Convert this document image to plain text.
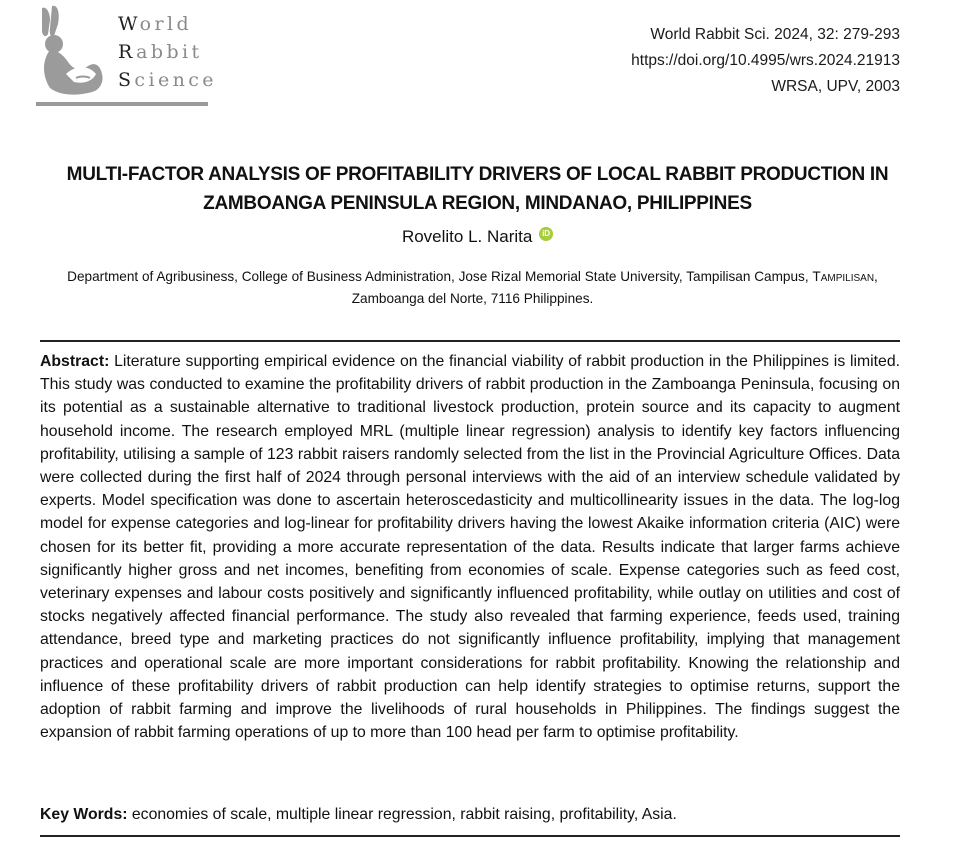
World
Rabbit
Science
World Rabbit Sci. 2024, 32: 279-293
https://doi.org/10.4995/wrs.2024.21913
WRSA, UPV, 2003
MULTI-FACTOR ANALYSIS OF PROFITABILITY DRIVERS OF LOCAL RABBIT PRODUCTION IN
ZAMBOANGA PENINSULA REGION, MINDANAO, PHILIPPINES
Rovelito L. Narita iD
Department of Agribusiness, College of Business Administration, Jose Rizal Memorial State University, Tampilisan Campus, Tampilisan,
Zamboanga del Norte, 7116 Philippines.
Abstract: Literature supporting empirical evidence on the financial viability of rabbit production in the Philippines is limited. This study was conducted to examine the profitability drivers of rabbit production in the Zamboanga Peninsula, focusing on its potential as a sustainable alternative to traditional livestock production, protein source and its capacity to augment household income. The research employed MRL (multiple linear regression) analysis to identify key factors influencing profitability, utilising a sample of 123 rabbit raisers randomly selected from the list in the Provincial Agriculture Offices. Data were collected during the first half of 2024 through personal interviews with the aid of an interview schedule validated by experts. Model specification was done to ascertain heteroscedasticity and multicollinearity issues in the data. The log-log model for expense categories and log-linear for profitability drivers having the lowest Akaike information criteria (AIC) were chosen for its better fit, providing a more accurate representation of the data. Results indicate that larger farms achieve significantly higher gross and net incomes, benefiting from economies of scale. Expense categories such as feed cost, veterinary expenses and labour costs positively and significantly influenced profitability, while outlay on utilities and cost of stocks negatively affected financial performance. The study also revealed that farming experience, feeds used, training attendance, breed type and marketing practices do not significantly influence profitability, implying that management practices and operational scale are more important considerations for rabbit profitability. Knowing the relationship and influence of these profitability drivers of rabbit production can help identify strategies to optimise returns, support the adoption of rabbit farming and improve the livelihoods of rural households in Philippines. The findings suggest the expansion of rabbit farming operations of up to more than 100 head per farm to optimise profitability.
Key Words: economies of scale, multiple linear regression, rabbit raising, profitability, Asia.
